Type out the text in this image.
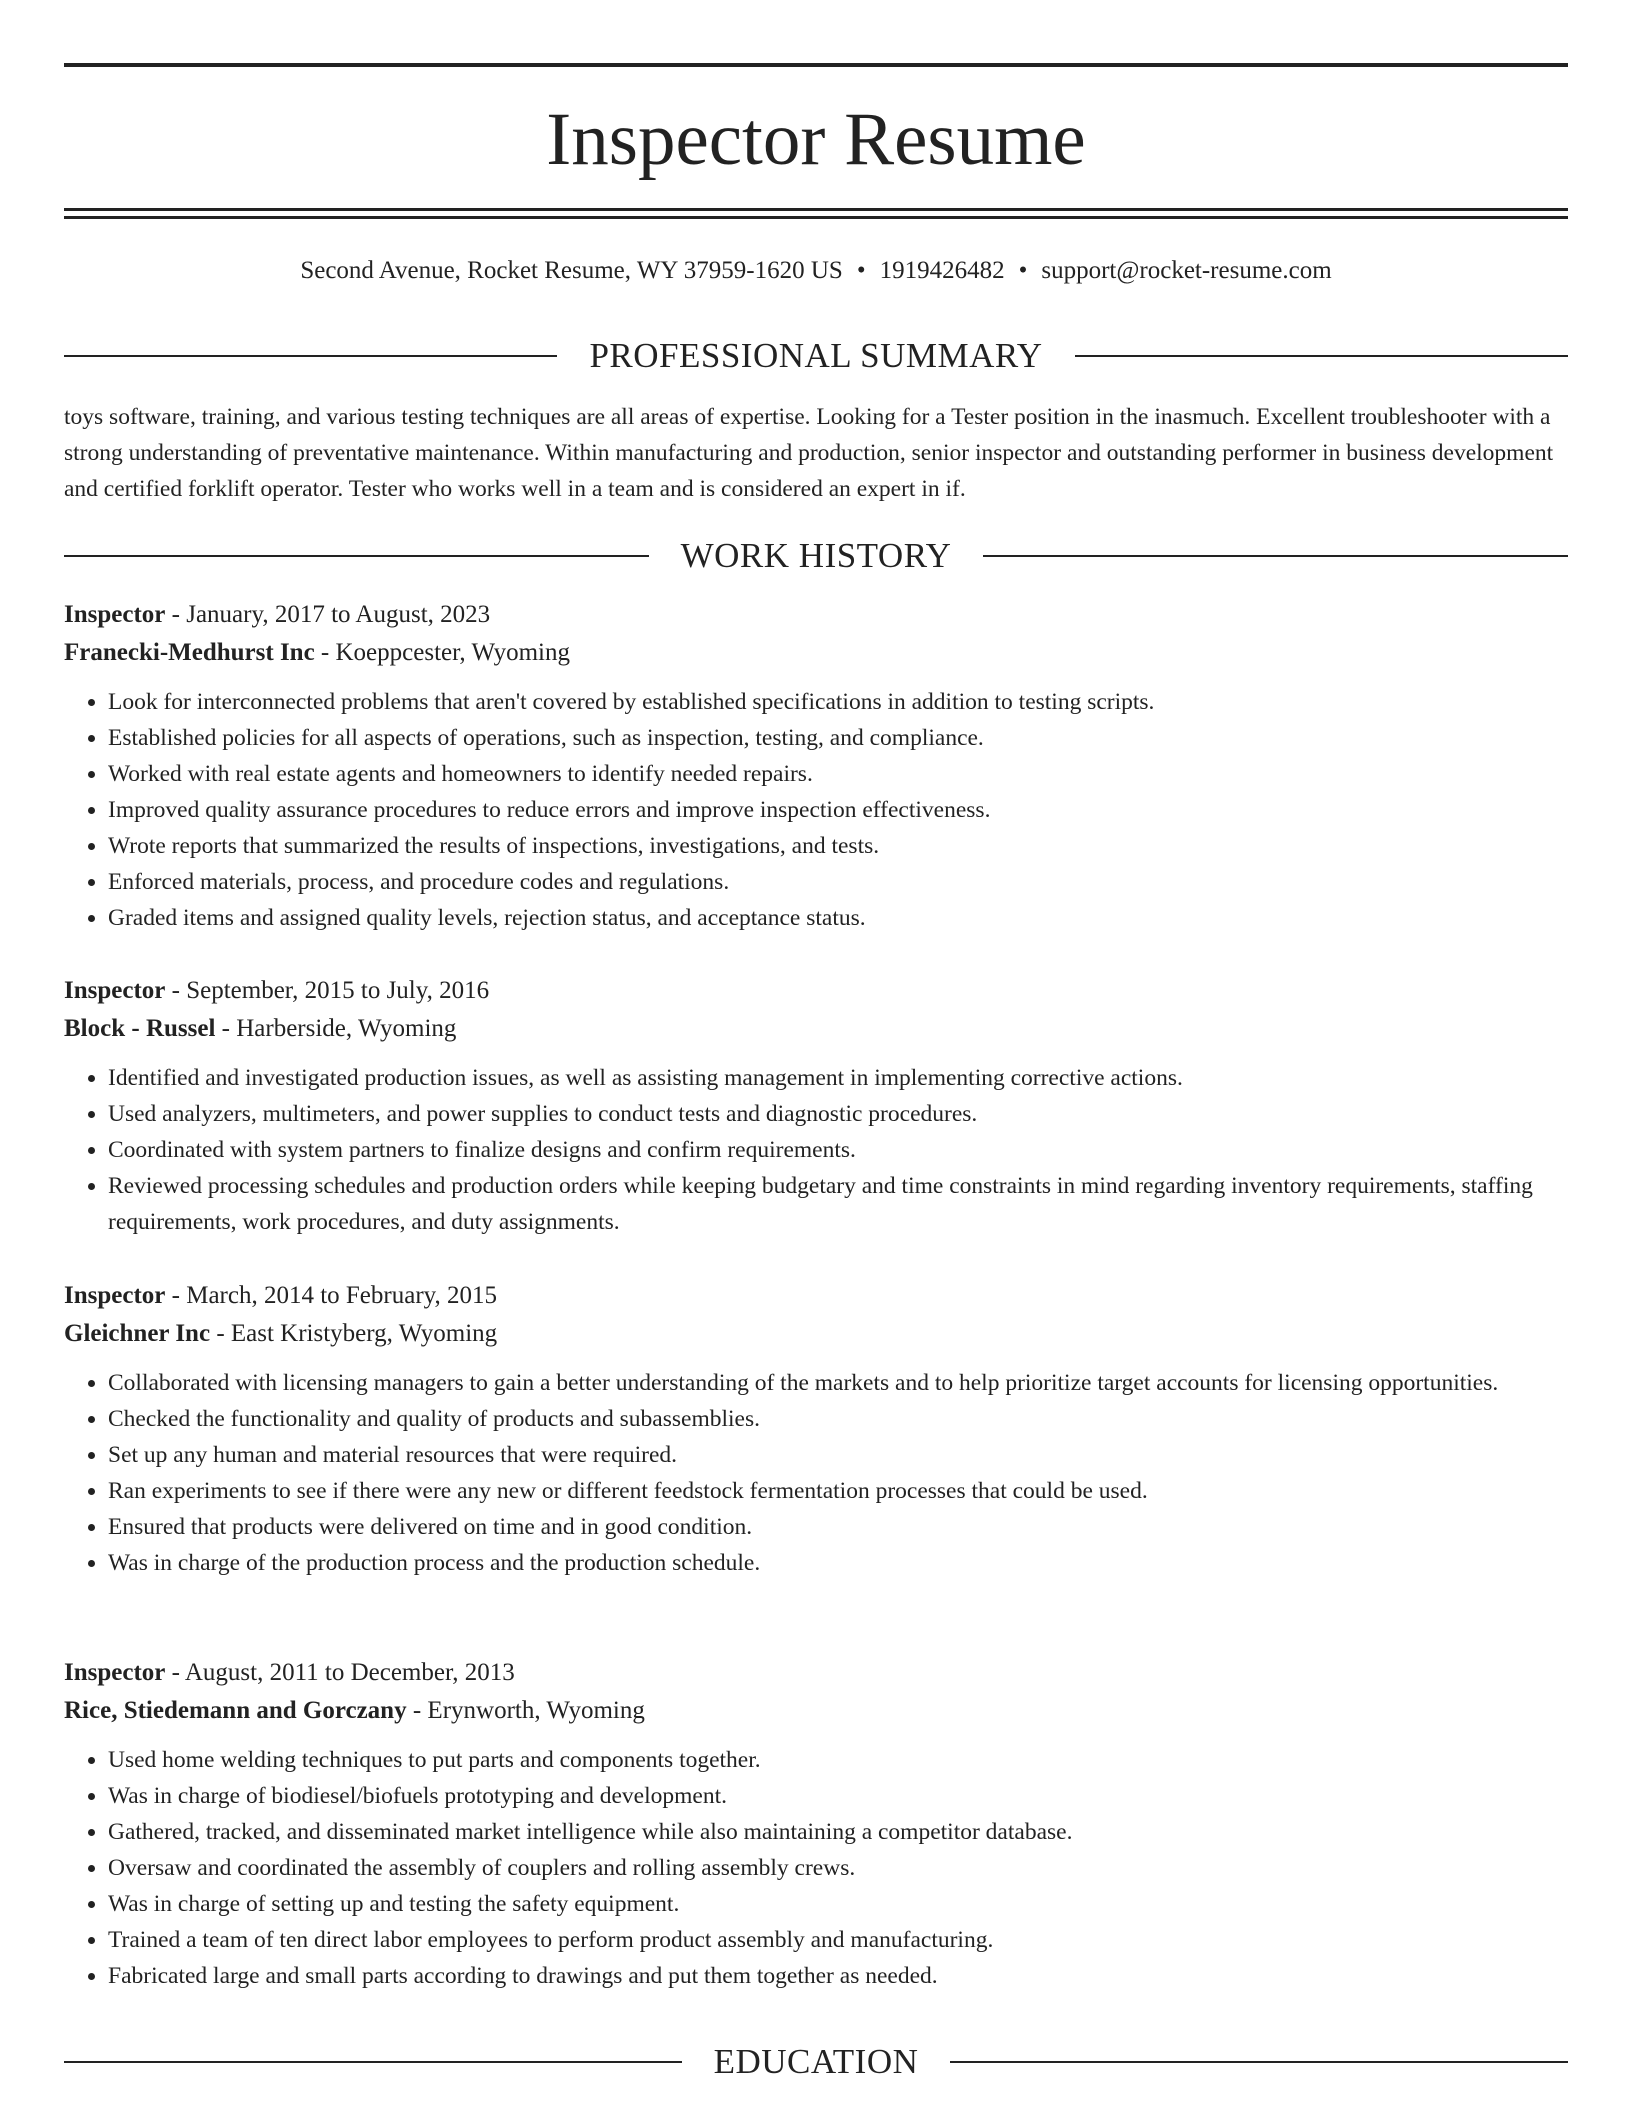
Inspector Resume
Second Avenue, Rocket Resume, WY 37959-1620 US • 1919426482 • support@rocket-resume.com
PROFESSIONAL SUMMARY

toys software, training, and various testing techniques are all areas of expertise. Looking for a Tester position in the inasmuch. Excellent troubleshooter with a strong understanding of preventative maintenance. Within manufacturing and production, senior inspector and outstanding performer in business development and certified forklift operator. Tester who works well in a team and is considered an expert in if.

WORK HISTORY

Inspector - January, 2017 to August, 2023

Franecki-Medhurst Inc - Koeppcester, Wyoming

• Look for interconnected problems that aren't covered by established specifications in addition to testing scripts.
• Established policies for all aspects of operations, such as inspection, testing, and compliance.
• Worked with real estate agents and homeowners to identify needed repairs.
• Improved quality assurance procedures to reduce errors and improve inspection effectiveness.
• Wrote reports that summarized the results of inspections, investigations, and tests.
• Enforced materials, process, and procedure codes and regulations.
• Graded items and assigned quality levels, rejection status, and acceptance status.

Inspector - September, 2015 to July, 2016

Block - Russel - Harberside, Wyoming

• Identified and investigated production issues, as well as assisting management in implementing corrective actions.
• Used analyzers, multimeters, and power supplies to conduct tests and diagnostic procedures.
• Coordinated with system partners to finalize designs and confirm requirements.
• Reviewed processing schedules and production orders while keeping budgetary and time constraints in mind regarding inventory requirements, staffing requirements, work procedures, and duty assignments.

Inspector - March, 2014 to February, 2015

Gleichner Inc - East Kristyberg, Wyoming

• Collaborated with licensing managers to gain a better understanding of the markets and to help prioritize target accounts for licensing opportunities.
• Checked the functionality and quality of products and subassemblies.
• Set up any human and material resources that were required.
• Ran experiments to see if there were any new or different feedstock fermentation processes that could be used.
• Ensured that products were delivered on time and in good condition.
• Was in charge of the production process and the production schedule.

Inspector - August, 2011 to December, 2013

Rice, Stiedemann and Gorczany - Erynworth, Wyoming

• Used home welding techniques to put parts and components together.
• Was in charge of biodiesel/biofuels prototyping and development.
• Gathered, tracked, and disseminated market intelligence while also maintaining a competitor database.
• Oversaw and coordinated the assembly of couplers and rolling assembly crews.
• Was in charge of setting up and testing the safety equipment.
• Trained a team of ten direct labor employees to perform product assembly and manufacturing.
• Fabricated large and small parts according to drawings and put them together as needed.
EDUCATION
